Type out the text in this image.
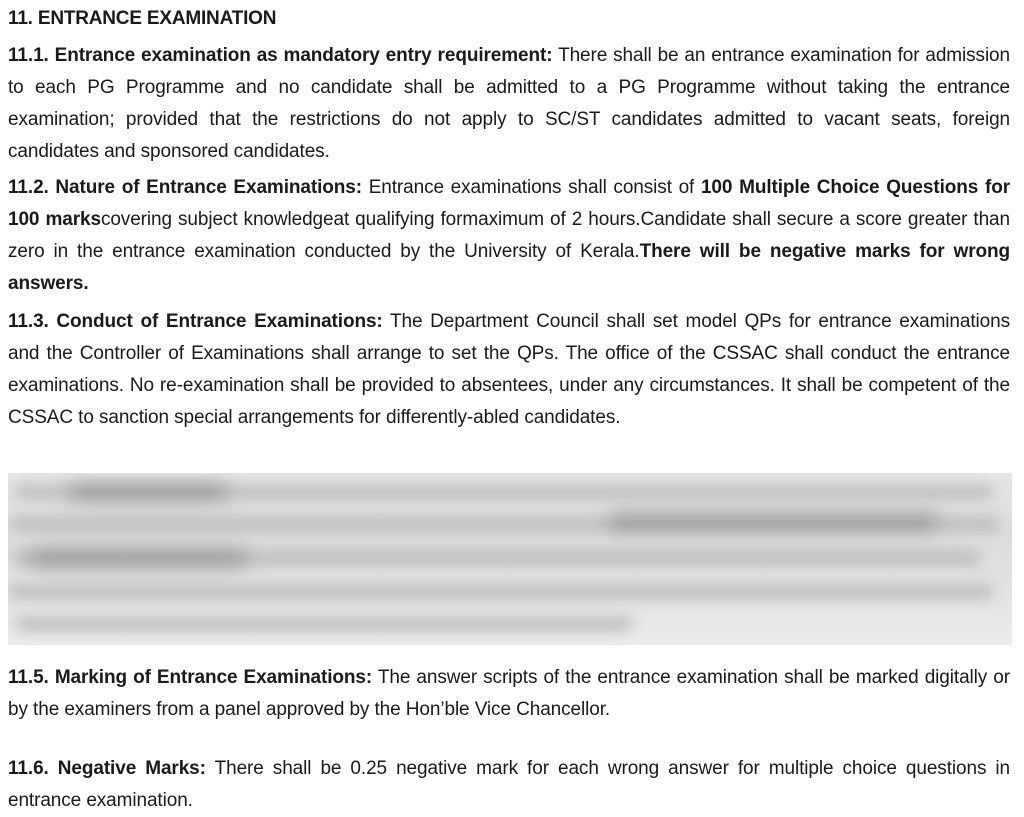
11. ENTRANCE EXAMINATION
11.1. Entrance examination as mandatory entry requirement: There shall be an entrance examination for admission to each PG Programme and no candidate shall be admitted to a PG Programme without taking the entrance examination; provided that the restrictions do not apply to SC/ST candidates admitted to vacant seats, foreign candidates and sponsored candidates.
11.2. Nature of Entrance Examinations: Entrance examinations shall consist of 100 Multiple Choice Questions for 100 markscovering subject knowledgeat qualifying formaximum of 2 hours.Candidate shall secure a score greater than zero in the entrance examination conducted by the University of Kerala.There will be negative marks for wrong answers.
11.3. Conduct of Entrance Examinations: The Department Council shall set model QPs for entrance examinations and the Controller of Examinations shall arrange to set the QPs. The office of the CSSAC shall conduct the entrance examinations. No re-examination shall be provided to absentees, under any circumstances. It shall be competent of the CSSAC to sanction special arrangements for differently-abled candidates.
11.5. Marking of Entrance Examinations: The answer scripts of the entrance examination shall be marked digitally or by the examiners from a panel approved by the Hon’ble Vice Chancellor.
11.6. Negative Marks: There shall be 0.25 negative mark for each wrong answer for multiple choice questions in entrance examination.
